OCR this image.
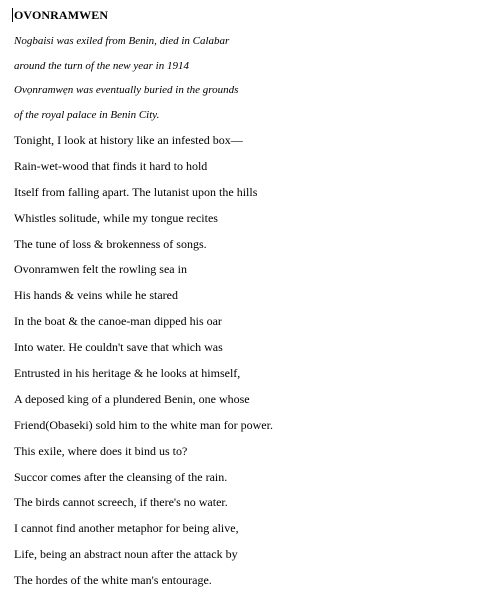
OVONRAMWEN
Nogbaisi was exiled from Benin, died in Calabar
around the turn of the new year in 1914
Ovọnramwẹn was eventually buried in the grounds
of the royal palace in Benin City.
Tonight, I look at history like an infested box—
Rain-wet-wood that finds it hard to hold
Itself from falling apart. The lutanist upon the hills
Whistles solitude, while my tongue recites
The tune of loss & brokenness of songs.
Ovonramwen felt the rowling sea in
His hands & veins while he stared
In the boat & the canoe-man dipped his oar
Into water. He couldn't save that which was
Entrusted in his heritage & he looks at himself,
A deposed king of a plundered Benin, one whose
Friend(Obaseki) sold him to the white man for power.
This exile, where does it bind us to?
Succor comes after the cleansing of the rain.
The birds cannot screech, if there's no water.
I cannot find another metaphor for being alive,
Life, being an abstract noun after the attack by
The hordes of the white man's entourage.
